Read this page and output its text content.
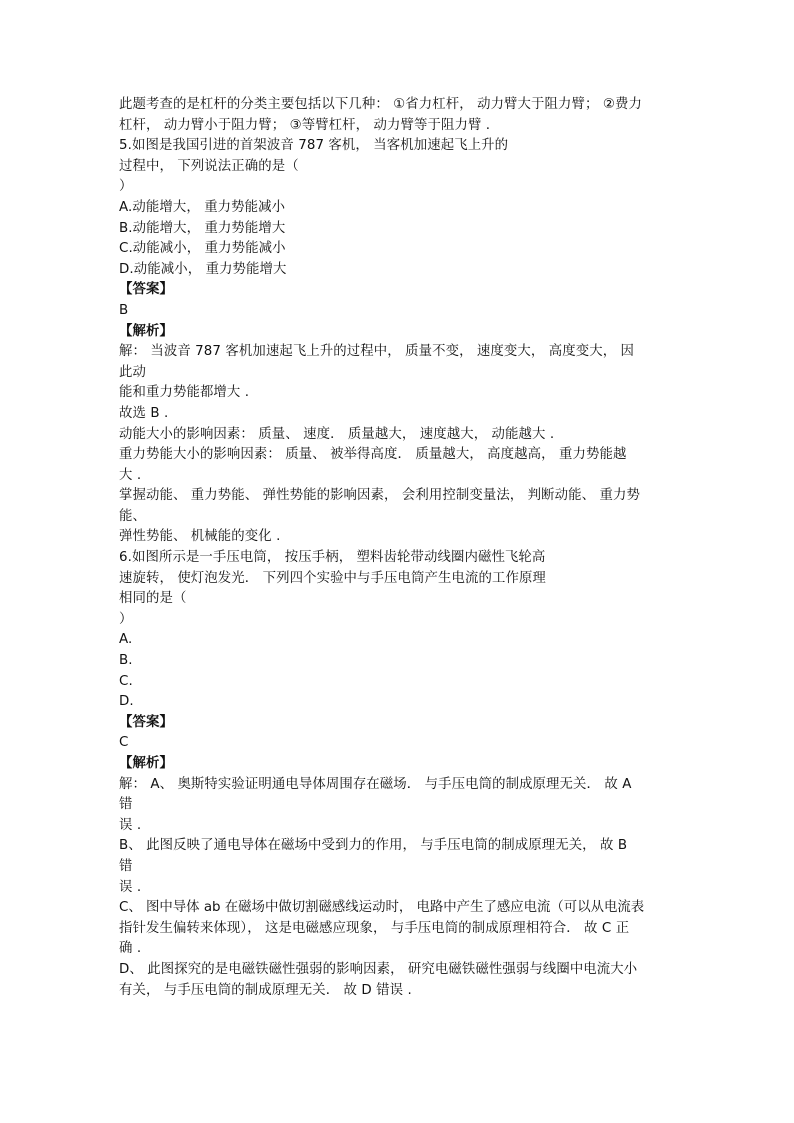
此题考查的是杠杆的分类主要包括以下几种： ①省力杠杆， 动力臂大于阻力臂； ②费力
杠杆， 动力臂小于阻力臂； ③等臂杠杆， 动力臂等于阻力臂 .
5.如图是我国引进的首架波音 787 客机， 当客机加速起飞上升的
过程中， 下列说法正确的是（
）
A.动能增大， 重力势能减小
B.动能增大， 重力势能增大
C.动能减小， 重力势能减小
D.动能减小， 重力势能增大
【答案】
B
【解析】
解： 当波音 787 客机加速起飞上升的过程中， 质量不变， 速度变大， 高度变大， 因
此动
能和重力势能都增大 .
故选 B .
动能大小的影响因素： 质量、 速度． 质量越大， 速度越大， 动能越大 .
重力势能大小的影响因素： 质量、 被举得高度． 质量越大， 高度越高， 重力势能越
大 .
掌握动能、 重力势能、 弹性势能的影响因素， 会利用控制变量法， 判断动能、 重力势
能、
弹性势能、 机械能的变化 .
6.如图所示是一手压电筒， 按压手柄， 塑料齿轮带动线圈内磁性飞轮高
速旋转， 使灯泡发光． 下列四个实验中与手压电筒产生电流的工作原理
相同的是（
）
A.
B.
C.
D.
【答案】
C
【解析】
解： A、 奥斯特实验证明通电导体周围存在磁场． 与手压电筒的制成原理无关． 故 A
错
误 .
B、 此图反映了通电导体在磁场中受到力的作用， 与手压电筒的制成原理无关， 故 B
错
误 .
C、 图中导体 ab 在磁场中做切割磁感线运动时， 电路中产生了感应电流（可以从电流表
指针发生偏转来体现）， 这是电磁感应现象， 与手压电筒的制成原理相符合． 故 C 正
确 .
D、 此图探究的是电磁铁磁性强弱的影响因素， 研究电磁铁磁性强弱与线圈中电流大小
有关， 与手压电筒的制成原理无关． 故 D 错误 .
